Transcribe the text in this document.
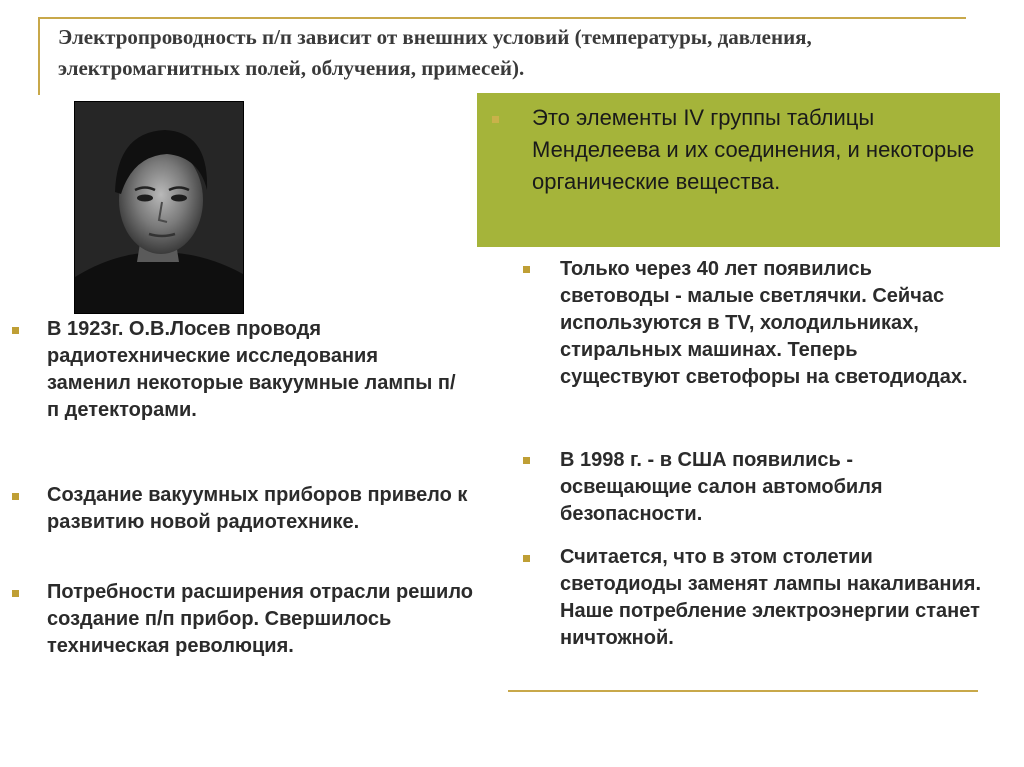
Электропроводность п/п зависит от внешних условий (температуры, давления, электромагнитных полей, облучения, примесей).
Это элементы IV группы таблицы Менделеева и их соединения, и некоторые органические вещества.
В 1923г. О.В.Лосев проводя радиотехнические исследования заменил некоторые вакуумные лампы п/п детекторами.
Создание вакуумных приборов привело к развитию новой радиотехнике.
Потребности расширения отрасли решило создание п/п прибор. Свершилось техническая революция.
Только через 40 лет появились световоды - малые светлячки. Сейчас используются в TV, холодильниках, стиральных машинах. Теперь существуют светофоры на светодиодах.
В 1998 г. - в США появились - освещающие салон автомобиля безопасности.
Считается, что в этом столетии светодиоды заменят лампы накаливания. Наше потребление электроэнергии станет ничтожной.
